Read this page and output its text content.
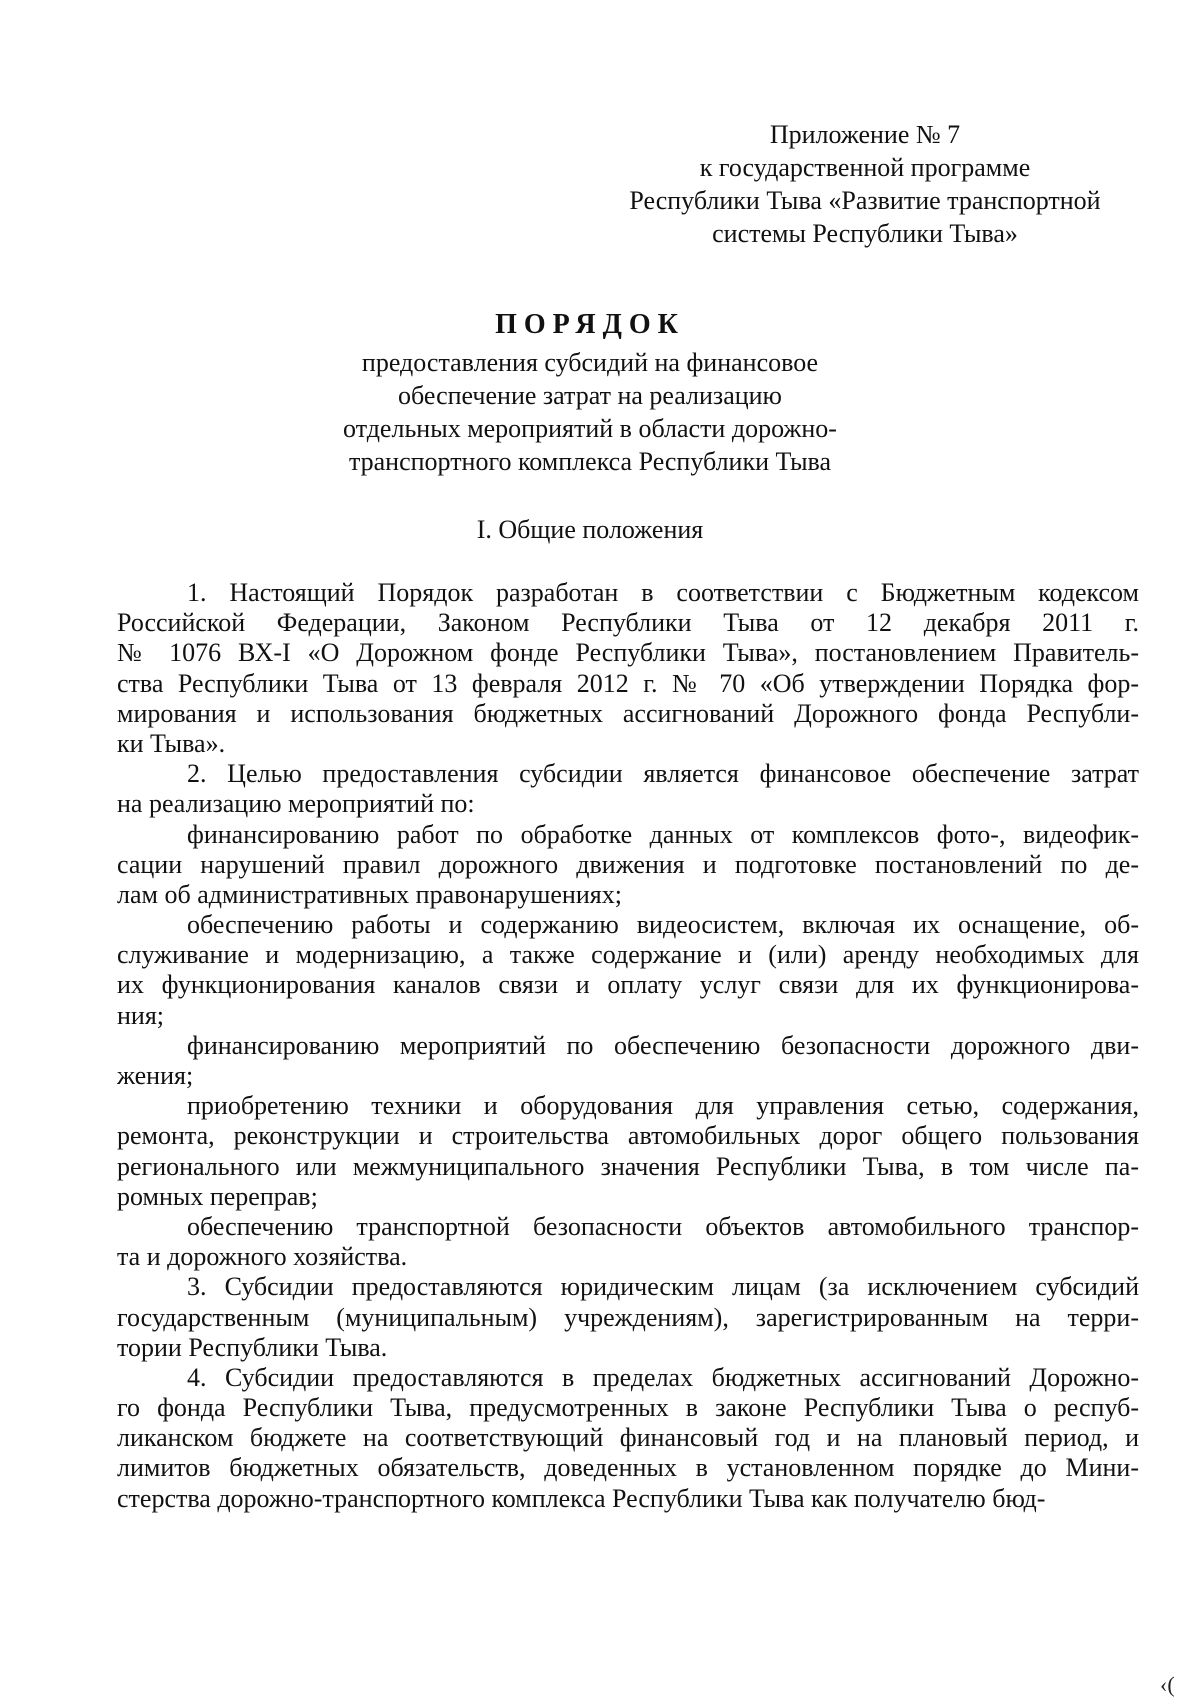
Приложение № 7
к государственной программе
Республики Тыва «Развитие транспортной
системы Республики Тыва»
ПОРЯДОК
предоставления субсидий на финансовое
обеспечение затрат на реализацию
отдельных мероприятий в области дорожно-
транспортного комплекса Республики Тыва
I. Общие положения
1. Настоящий Порядок разработан в соответствии с Бюджетным кодексом
Российской Федерации, Законом Республики Тыва от 12 декабря 2011 г.
№ 1076 ВХ-I «О Дорожном фонде Республики Тыва», постановлением Правитель-
ства Республики Тыва от 13 февраля 2012 г. № 70 «Об утверждении Порядка фор-
мирования и использования бюджетных ассигнований Дорожного фонда Республи-
ки Тыва».
2. Целью предоставления субсидии является финансовое обеспечение затрат
на реализацию мероприятий по:
финансированию работ по обработке данных от комплексов фото-, видеофик-
сации нарушений правил дорожного движения и подготовке постановлений по де-
лам об административных правонарушениях;
обеспечению работы и содержанию видеосистем, включая их оснащение, об-
служивание и модернизацию, а также содержание и (или) аренду необходимых для
их функционирования каналов связи и оплату услуг связи для их функционирова-
ния;
финансированию мероприятий по обеспечению безопасности дорожного дви-
жения;
приобретению техники и оборудования для управления сетью, содержания,
ремонта, реконструкции и строительства автомобильных дорог общего пользования
регионального или межмуниципального значения Республики Тыва, в том числе па-
ромных переправ;
обеспечению транспортной безопасности объектов автомобильного транспор-
та и дорожного хозяйства.
3. Субсидии предоставляются юридическим лицам (за исключением субсидий
государственным (муниципальным) учреждениям), зарегистрированным на терри-
тории Республики Тыва.
4. Субсидии предоставляются в пределах бюджетных ассигнований Дорожно-
го фонда Республики Тыва, предусмотренных в законе Республики Тыва о респуб-
ликанском бюджете на соответствующий финансовый год и на плановый период, и
лимитов бюджетных обязательств, доведенных в установленном порядке до Мини-
стерства дорожно-транспортного комплекса Республики Тыва как получателю бюд-
‹(
